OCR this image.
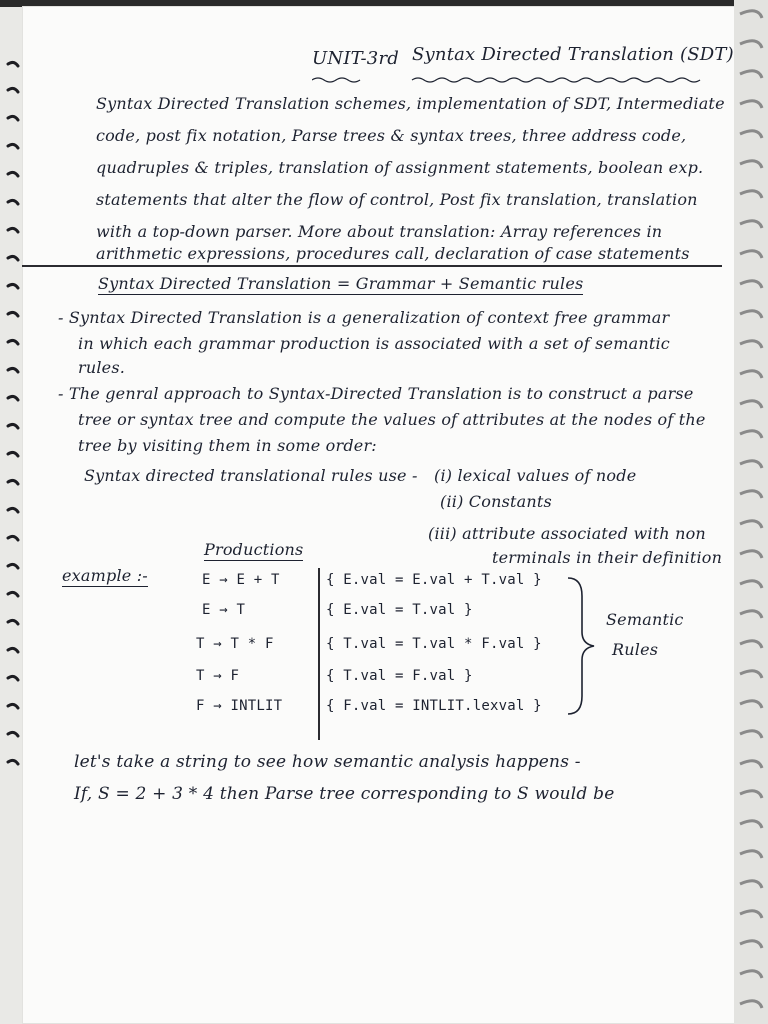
UNIT-3rd Syntax Directed Translation (SDT)
Syntax Directed Translation schemes, implementation of SDT, Intermediate
code, post fix notation, Parse trees & syntax trees, three address code,
quadruples & triples, translation of assignment statements, boolean exp.
statements that alter the flow of control, Post fix translation, translation
with a top-down parser. More about translation: Array references in
arithmetic expressions, procedures call, declaration of case statements
Syntax Directed Translation = Grammar + Semantic rules
- Syntax Directed Translation is a generalization of context free grammar
in which each grammar production is associated with a set of semantic
rules.
- The genral approach to Syntax-Directed Translation is to construct a parse
tree or syntax tree and compute the values of attributes at the nodes of the
tree by visiting them in some order:
Syntax directed translational rules use - (i) lexical values of node
(ii) Constants
(iii) attribute associated with non
terminals in their definition
example :-
Productions
E → E + T	{ E.val = E.val + T.val }
E → T	{ E.val = T.val }
T → T * F	{ T.val = T.val * F.val }
T → F	{ T.val = F.val }
F → INTLIT	{ F.val = INTLIT.lexval }
Semantic
Rules
let's take a string to see how semantic analysis happens -
If, S = 2 + 3 * 4 then Parse tree corresponding to S would be
